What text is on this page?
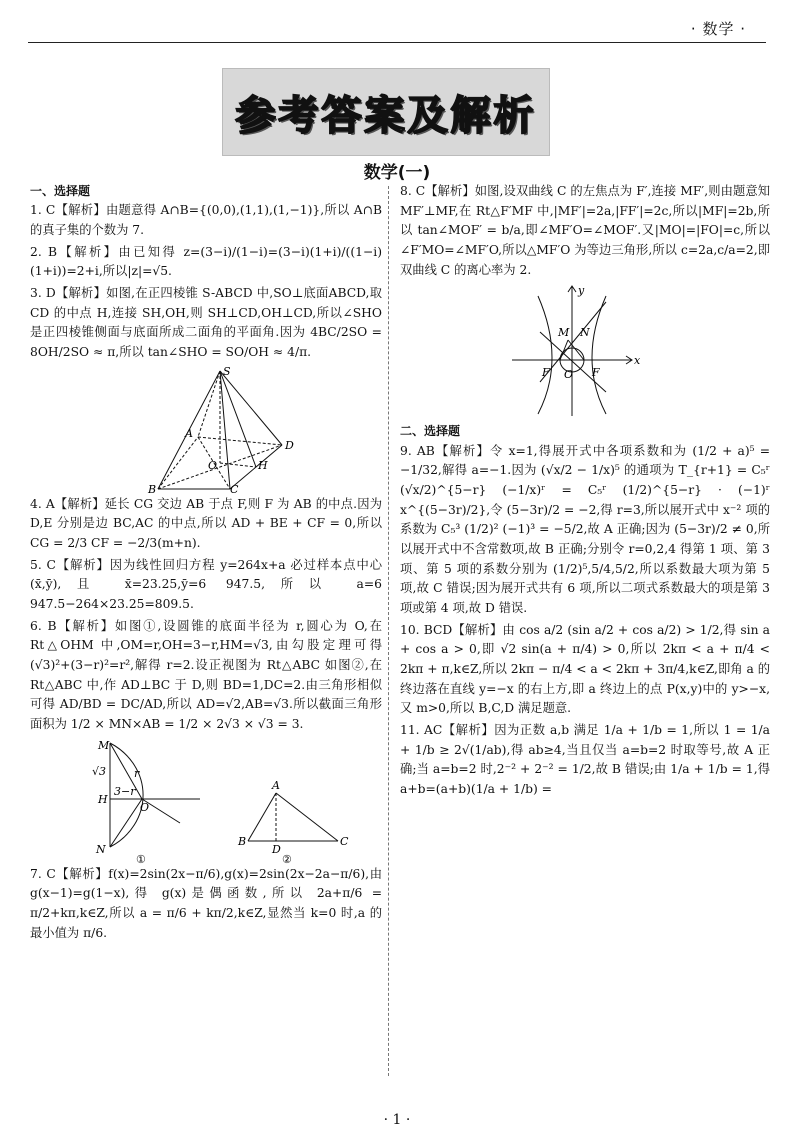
· 数学 ·
参考答案及解析
数学(一)
一、选择题
1. C【解析】由题意得 A∩B={(0,0),(1,1),(1,−1)},所以 A∩B 的真子集的个数为 7.
2. B【解析】由已知得 z=(3−i)/(1−i)=(3−i)(1+i)/((1−i)(1+i))=2+i,所以|z|=√5.
3. D【解析】如图,在正四棱锥 S-ABCD 中,SO⊥底面ABCD,取 CD 的中点 H,连接 SH,OH,则 SH⊥CD,OH⊥CD,所以∠SHO 是正四棱锥侧面与底面所成二面角的平面角.因为 4BC/2SO = 8OH/2SO ≈ π,所以 tan∠SHO = SO/OH ≈ 4/π.
S
A
D
O	H
B	C
4. A【解析】延长 CG 交边 AB 于点 F,则 F 为 AB 的中点.因为 D,E 分别是边 BC,AC 的中点,所以 AD + BE + CF = 0,所以 CG = 2/3 CF = −2/3(m+n).
5. C【解析】因为线性回归方程 y=264x+a 必过样本点中心(x̄,ȳ),且 x̄=23.25,ȳ=6 947.5,所以 a=6 947.5−264×23.25=809.5.
6. B【解析】如图①,设圆锥的底面半径为 r,圆心为 O,在 Rt△OHM 中,OM=r,OH=3−r,HM=√3,由勾股定理可得(√3)²+(3−r)²=r²,解得 r=2.设正视图为 Rt△ABC 如图②,在 Rt△ABC 中,作 AD⊥BC 于 D,则 BD=1,DC=2.由三角形相似可得 AD/BD = DC/AD,所以 AD=√2,AB=√3.所以截面三角形面积为 1/2 × MN×AB = 1/2 × 2√3 × √3 = 3.
M
√3
H
3−r
r
O
N
①
A
B
D
C
②
7. C【解析】f(x)=2sin(2x−π/6),g(x)=2sin(2x−2a−π/6),由 g(x−1)=g(1−x),得 g(x)是偶函数,所以 2a+π/6 = π/2+kπ,k∈Z,所以 a = π/6 + kπ/2,k∈Z,显然当 k=0 时,a 的最小值为 π/6.
8. C【解析】如图,设双曲线 C 的左焦点为 F′,连接 MF′,则由题意知 MF′⊥MF,在 Rt△F′MF 中,|MF′|=2a,|FF′|=2c,所以|MF|=2b,所以 tan∠MOF′ = b/a,即∠MF′O=∠MOF′.又|MO|=|FO|=c,所以∠F′MO=∠MF′O,所以△MF′O 为等边三角形,所以 c=2a,c/a=2,即双曲线 C 的离心率为 2.
y
M N
F′ O F
x
二、选择题
9. AB【解析】令 x=1,得展开式中各项系数和为 (1/2 + a)⁵ = −1/32,解得 a=−1.因为 (√x/2 − 1/x)⁵ 的通项为 T_{r+1} = C₅ʳ (√x/2)^{5−r} (−1/x)ʳ = C₅ʳ (1/2)^{5−r} · (−1)ʳ x^{(5−3r)/2},令 (5−3r)/2 = −2,得 r=3,所以展开式中 x⁻² 项的系数为 C₅³ (1/2)² (−1)³ = −5/2,故 A 正确;因为 (5−3r)/2 ≠ 0,所以展开式中不含常数项,故 B 正确;分别令 r=0,2,4 得第 1 项、第 3 项、第 5 项的系数分别为 (1/2)⁵,5/4,5/2,所以系数最大项为第 5 项,故 C 错误;因为展开式共有 6 项,所以二项式系数最大的项是第 3 项或第 4 项,故 D 错误.
10. BCD【解析】由 cos a/2 (sin a/2 + cos a/2) > 1/2,得 sin a + cos a > 0,即 √2 sin(a + π/4) > 0,所以 2kπ < a + π/4 < 2kπ + π,k∈Z,所以 2kπ − π/4 < a < 2kπ + 3π/4,k∈Z,即角 a 的终边落在直线 y=−x 的右上方,即 a 终边上的点 P(x,y)中的 y>−x,又 m>0,所以 B,C,D 满足题意.
11. AC【解析】因为正数 a,b 满足 1/a + 1/b = 1,所以 1 = 1/a + 1/b ≥ 2√(1/ab),得 ab≥4,当且仅当 a=b=2 时取等号,故 A 正确;当 a=b=2 时,2⁻² + 2⁻² = 1/2,故 B 错误;由 1/a + 1/b = 1,得 a+b=(a+b)(1/a + 1/b) =
· 1 ·
